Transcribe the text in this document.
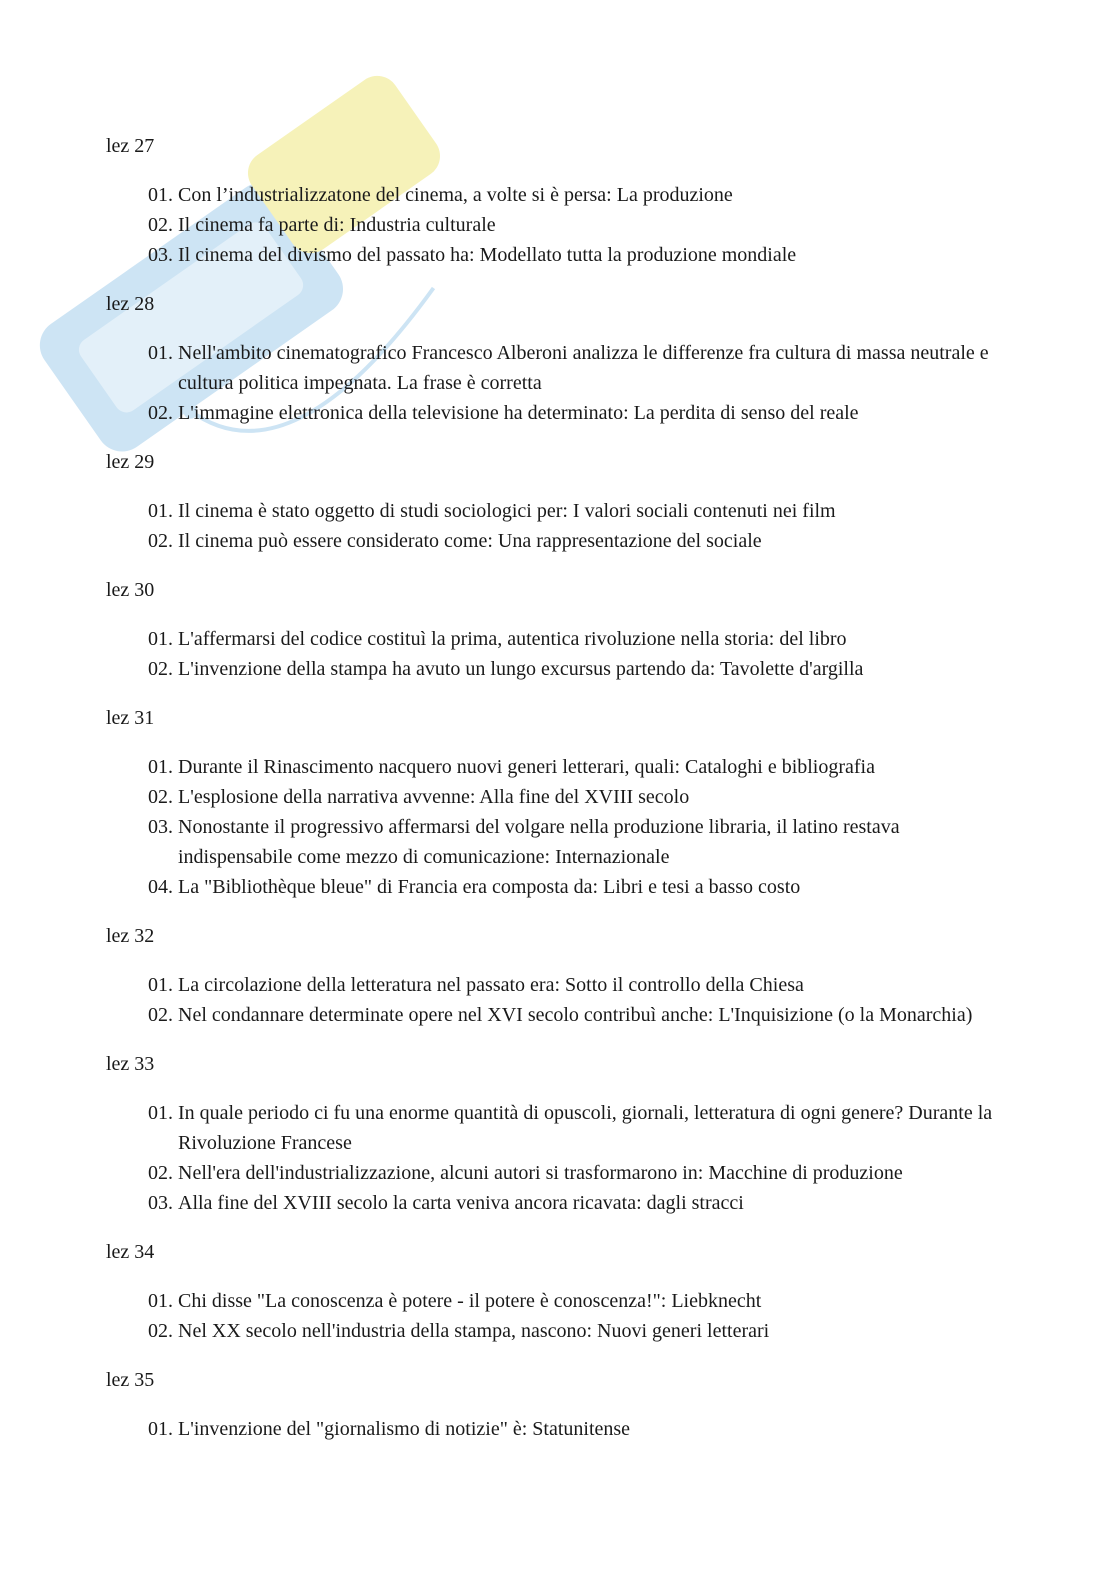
lez 27
01. Con l’industrializzatone del cinema, a volte si è persa: La produzione
02. Il cinema fa parte di: Industria culturale
03. Il cinema del divismo del passato ha: Modellato tutta la produzione mondiale
lez 28
01. Nell'ambito cinematografico Francesco Alberoni analizza le differenze fra cultura di massa neutrale e cultura politica impegnata. La frase è corretta
02. L'immagine elettronica della televisione ha determinato: La perdita di senso del reale
lez 29
01. Il cinema è stato oggetto di studi sociologici per: I valori sociali contenuti nei film
02. Il cinema può essere considerato come: Una rappresentazione del sociale
lez 30
01. L'affermarsi del codice costituì la prima, autentica rivoluzione nella storia: del libro
02. L'invenzione della stampa ha avuto un lungo excursus partendo da: Tavolette d'argilla
lez 31
01. Durante il Rinascimento nacquero nuovi generi letterari, quali: Cataloghi e bibliografia
02. L'esplosione della narrativa avvenne: Alla fine del XVIII secolo
03. Nonostante il progressivo affermarsi del volgare nella produzione libraria, il latino restava indispensabile come mezzo di comunicazione: Internazionale
04. La "Bibliothèque bleue" di Francia era composta da: Libri e tesi a basso costo
lez 32
01. La circolazione della letteratura nel passato era: Sotto il controllo della Chiesa
02. Nel condannare determinate opere nel XVI secolo contribuì anche: L'Inquisizione (o la Monarchia)
lez 33
01. In quale periodo ci fu una enorme quantità di opuscoli, giornali, letteratura di ogni genere? Durante la Rivoluzione Francese
02. Nell'era dell'industrializzazione, alcuni autori si trasformarono in: Macchine di produzione
03. Alla fine del XVIII secolo la carta veniva ancora ricavata: dagli stracci
lez 34
01. Chi disse "La conoscenza è potere - il potere è conoscenza!": Liebknecht
02. Nel XX secolo nell'industria della stampa, nascono: Nuovi generi letterari
lez 35
01. L'invenzione del "giornalismo di notizie" è: Statunitense
